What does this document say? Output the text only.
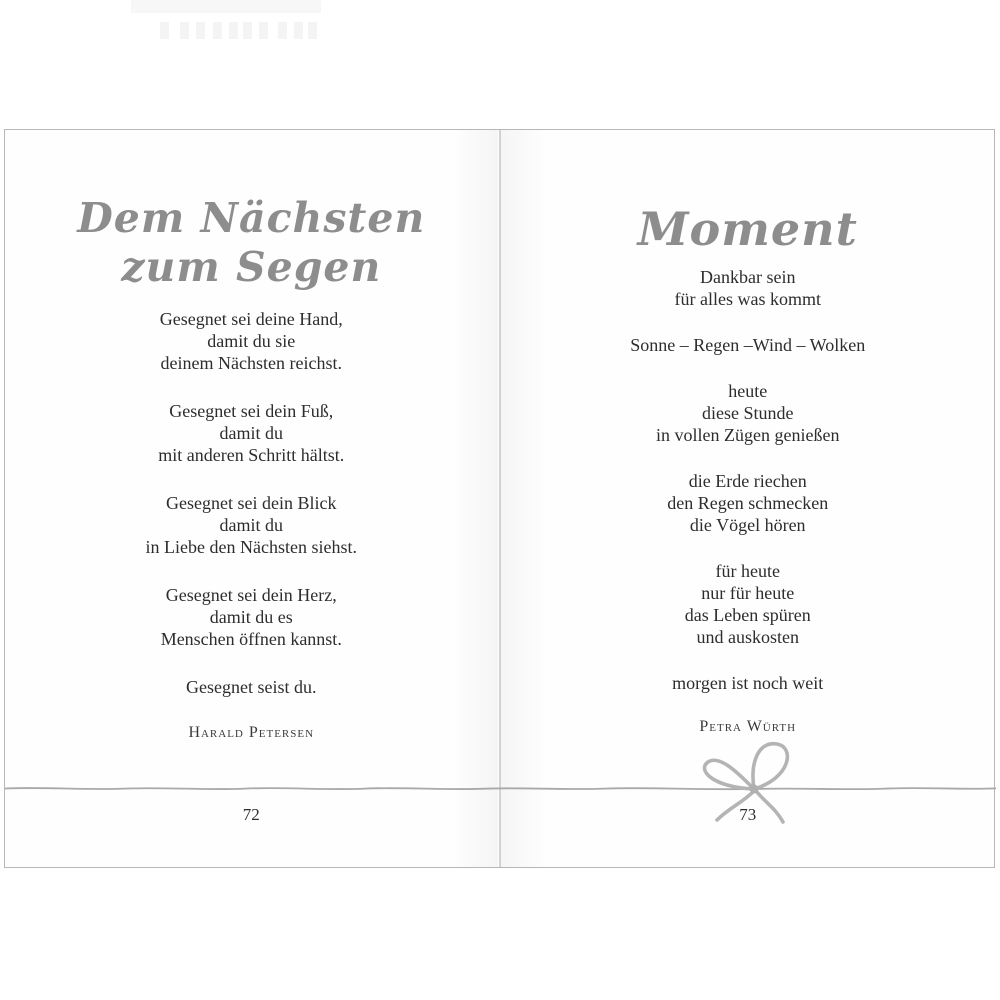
Dem Nächsten
zum Segen
Gesegnet sei deine Hand,
damit du sie
deinem Nächsten reichst.
Gesegnet sei dein Fuß,
damit du
mit anderen Schritt hältst.
Gesegnet sei dein Blick
damit du
in Liebe den Nächsten siehst.
Gesegnet sei dein Herz,
damit du es
Menschen öffnen kannst.
Gesegnet seist du.
Harald Petersen
72
Moment
Dankbar sein
für alles was kommt
Sonne – Regen –Wind – Wolken
heute
diese Stunde
in vollen Zügen genießen
die Erde riechen
den Regen schmecken
die Vögel hören
für heute
nur für heute
das Leben spüren
und auskosten
morgen ist noch weit
Petra Würth
73
